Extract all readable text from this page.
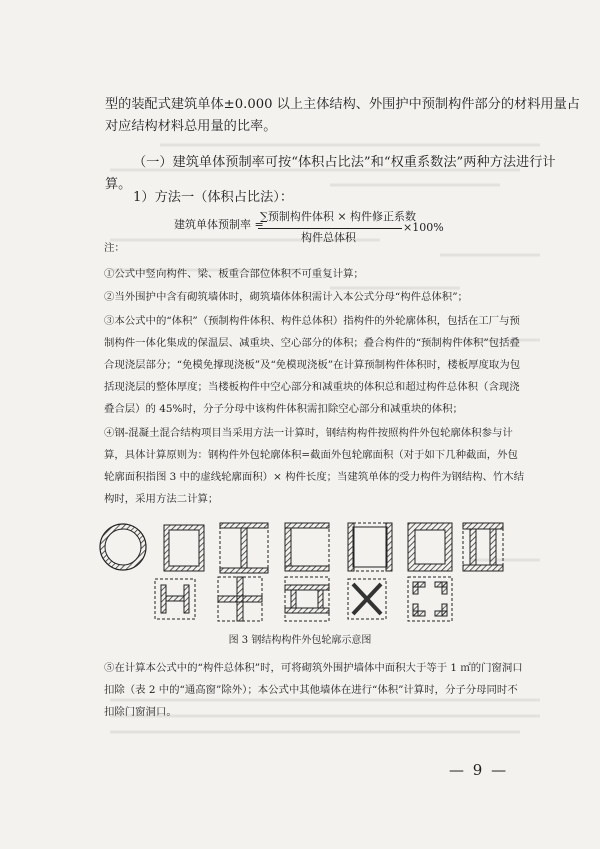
型的装配式建筑单体±0.000 以上主体结构、外围护中预制构件部分的材料用量占
对应结构材料总用量的比率。
（一）建筑单体预制率可按“体积占比法”和“权重系数法”两种方法进行计
算。
1）方法一（体积占比法）：
建筑单体预制率 =
∑预制构件体积 × 构件修正系数
构件总体积
×100%
注：
①公式中竖向构件、梁、板重合部位体积不可重复计算；
②当外围护中含有砌筑墙体时，砌筑墙体体积需计入本公式分母“构件总体积”；
③本公式中的“体积”（预制构件体积、构件总体积）指构件的外轮廓体积，包括在工厂与预
制构件一体化集成的保温层、减重块、空心部分的体积；叠合构件的“预制构件体积”包括叠
合现浇层部分；“免模免撑现浇板”及“免模现浇板”在计算预制构件体积时，楼板厚度取为包
括现浇层的整体厚度；当楼板构件中空心部分和减重块的体积总和超过构件总体积（含现浇
叠合层）的 45%时，分子分母中该构件体积需扣除空心部分和减重块的体积；
④钢-混凝土混合结构项目当采用方法一计算时，钢结构构件按照构件外包轮廓体积参与计
算，具体计算原则为：钢构件外包轮廓体积=截面外包轮廓面积（对于如下几种截面，外包
轮廓面积指图 3 中的虚线轮廓面积）× 构件长度；当建筑单体的受力构件为钢结构、竹木结
构时，采用方法二计算；
图 3 钢结构构件外包轮廓示意图
⑤在计算本公式中的“构件总体积”时，可将砌筑外围护墙体中面积大于等于 1 ㎡的门窗洞口
扣除（表 2 中的“通高窗”除外）；本公式中其他墙体在进行“体积”计算时，分子分母同时不
扣除门窗洞口。
— 9 —
